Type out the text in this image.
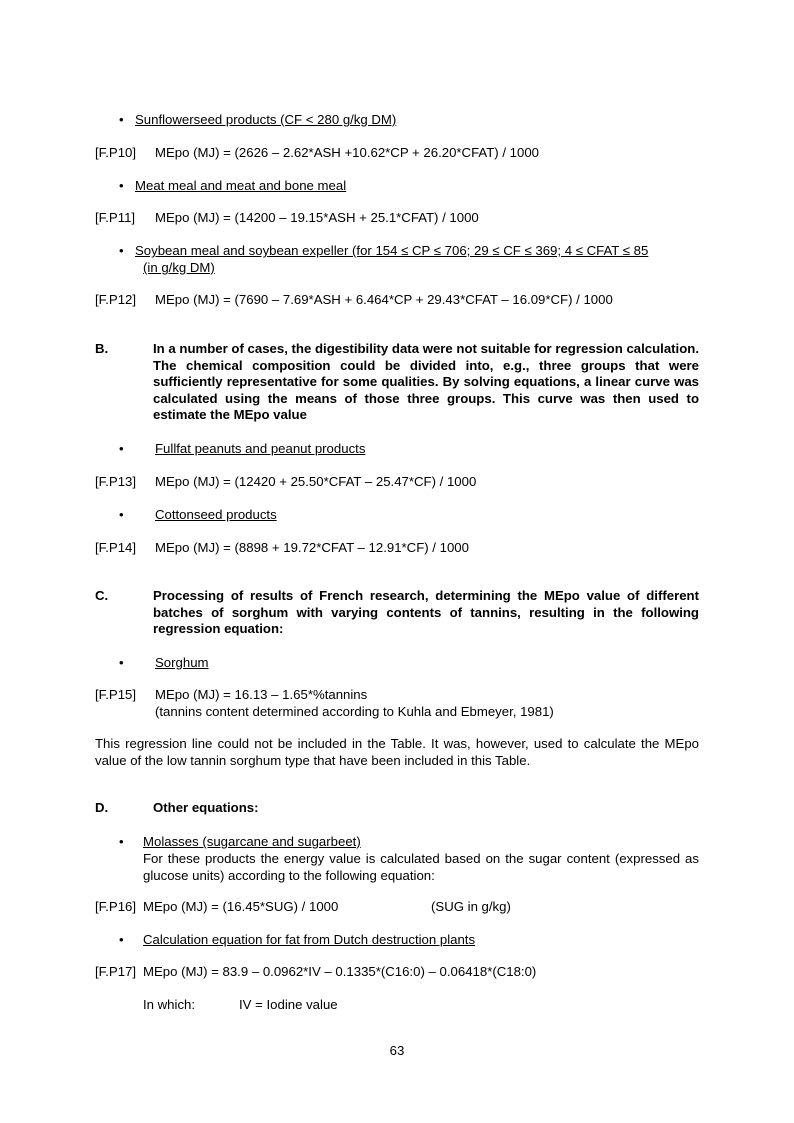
• Sunflowerseed products (CF < 280 g/kg DM)
[F.P10] MEpo (MJ) = (2626 – 2.62*ASH +10.62*CP + 26.20*CFAT) / 1000
• Meat meal and meat and bone meal
[F.P11] MEpo (MJ) = (14200 – 19.15*ASH + 25.1*CFAT) / 1000
• Soybean meal and soybean expeller (for 154 ≤ CP ≤ 706; 29 ≤ CF ≤ 369; 4 ≤ CFAT ≤ 85
(in g/kg DM)
[F.P12] MEpo (MJ) = (7690 – 7.69*ASH + 6.464*CP + 29.43*CFAT – 16.09*CF) / 1000
B.	In a number of cases, the digestibility data were not suitable for regression calculation. The chemical composition could be divided into, e.g., three groups that were sufficiently representative for some qualities. By solving equations, a linear curve was calculated using the means of those three groups. This curve was then used to estimate the MEpo value
• Fullfat peanuts and peanut products
[F.P13] MEpo (MJ) = (12420 + 25.50*CFAT – 25.47*CF) / 1000
• Cottonseed products
[F.P14] MEpo (MJ) = (8898 + 19.72*CFAT – 12.91*CF) / 1000
C.	Processing of results of French research, determining the MEpo value of different batches of sorghum with varying contents of tannins, resulting in the following regression equation:
• Sorghum
[F.P15] MEpo (MJ) = 16.13 – 1.65*%tannins
(tannins content determined according to Kuhla and Ebmeyer, 1981)
This regression line could not be included in the Table. It was, however, used to calculate the MEpo value of the low tannin sorghum type that have been included in this Table.
D.	Other equations:
• Molasses (sugarcane and sugarbeet)
For these products the energy value is calculated based on the sugar content (expressed as glucose units) according to the following equation:
[F.P16] MEpo (MJ) = (16.45*SUG) / 1000	(SUG in g/kg)
• Calculation equation for fat from Dutch destruction plants
[F.P17] MEpo (MJ) = 83.9 – 0.0962*IV – 0.1335*(C16:0) – 0.06418*(C18:0)
In which:	IV = Iodine value
63
